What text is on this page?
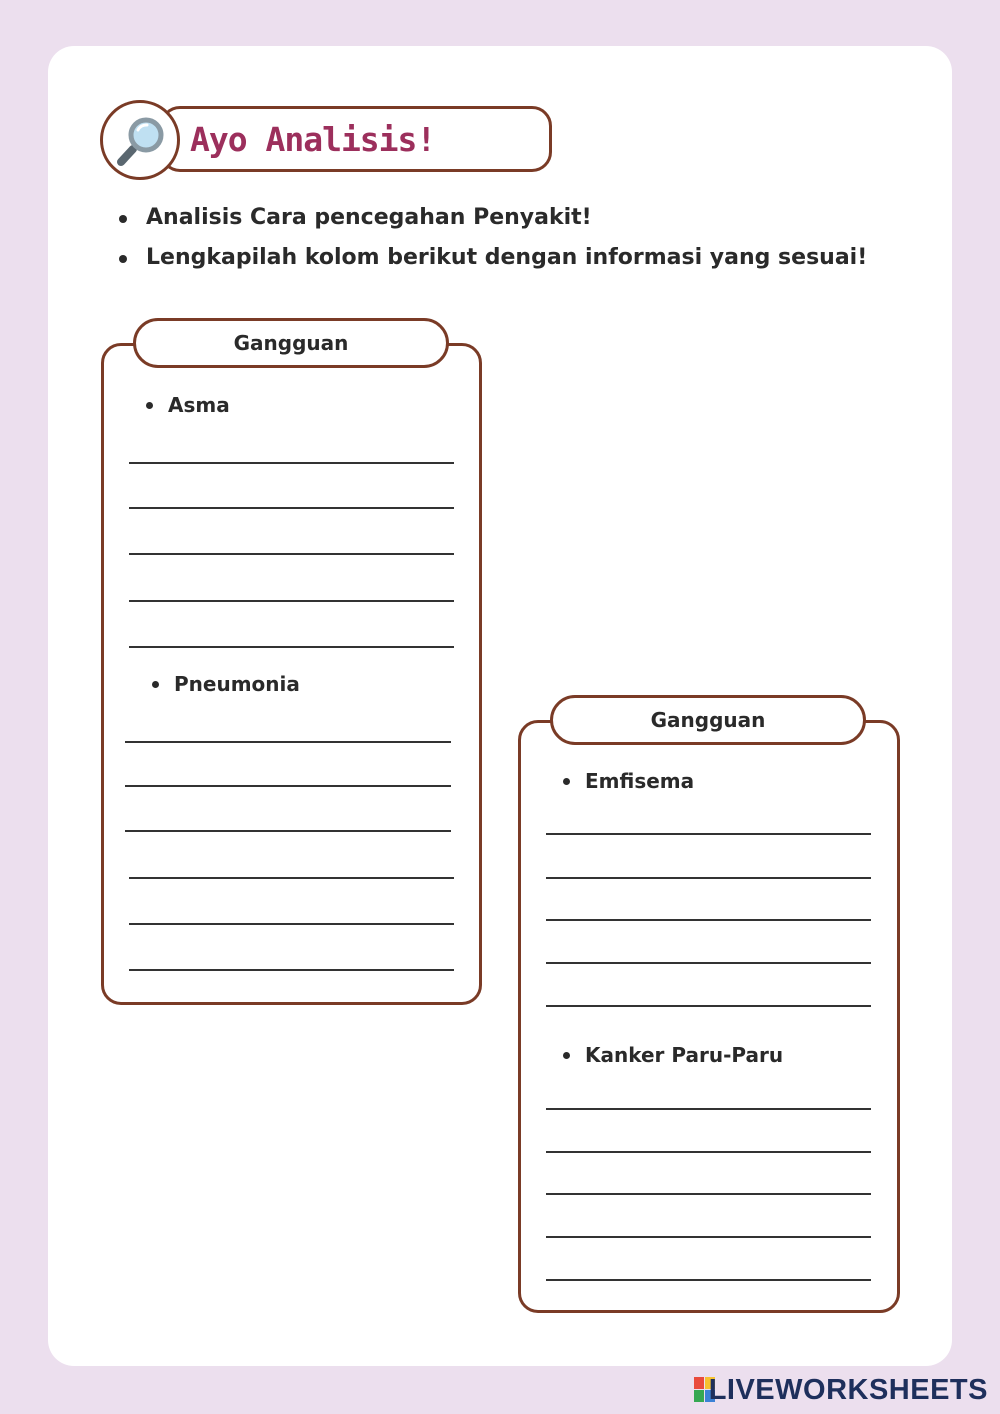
Ayo Analisis!
Analisis Cara pencegahan Penyakit!
Lengkapilah kolom berikut dengan informasi yang sesuai!
Gangguan
Asma
Pneumonia
Gangguan
Emfisema
Kanker Paru-Paru
LIVEWORKSHEETS
